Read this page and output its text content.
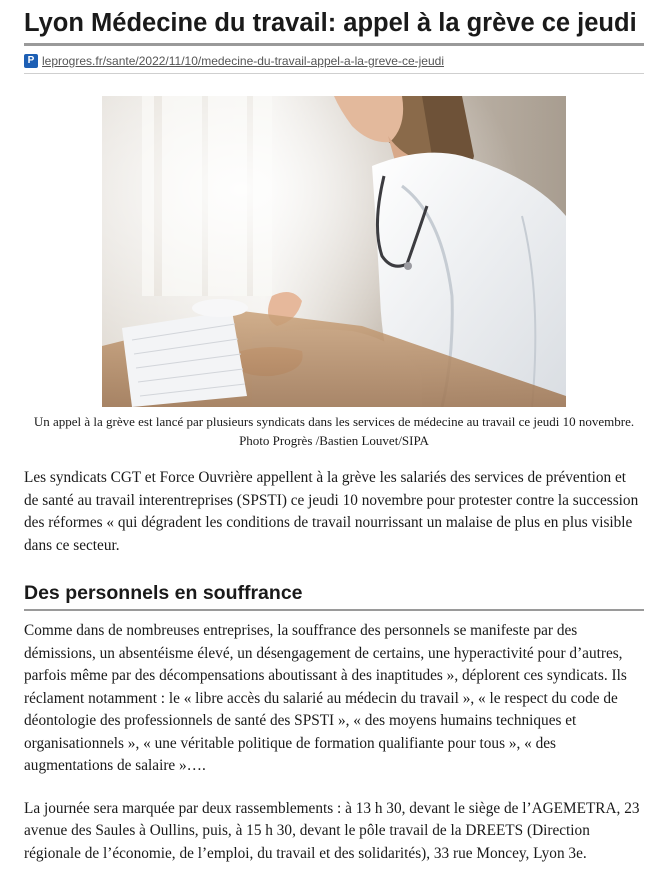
Lyon Médecine du travail: appel à la grève ce jeudi
P leprogres.fr/sante/2022/11/10/medecine-du-travail-appel-a-la-greve-ce-jeudi
Un appel à la grève est lancé par plusieurs syndicats dans les services de médecine au travail ce jeudi 10 novembre. Photo Progrès /Bastien Louvet/SIPA

Les syndicats CGT et Force Ouvrière appellent à la grève les salariés des services de prévention et de santé au travail interentreprises (SPSTI) ce jeudi 10 novembre pour protester contre la succession des réformes « qui dégradent les conditions de travail nourrissant un malaise de plus en plus visible dans ce secteur.

Des personnels en souffrance

Comme dans de nombreuses entreprises, la souffrance des personnels se manifeste par des démissions, un absentéisme élevé, un désengagement de certains, une hyperactivité pour d’autres, parfois même par des décompensations aboutissant à des inaptitudes », déplorent ces syndicats. Ils réclament notamment : le « libre accès du salarié au médecin du travail », « le respect du code de déontologie des professionnels de santé des SPSTI », « des moyens humains techniques et organisationnels », « une véritable politique de formation qualifiante pour tous », « des augmentations de salaire »….

La journée sera marquée par deux rassemblements : à 13 h 30, devant le siège de l’AGEMETRA, 23 avenue des Saules à Oullins, puis, à 15 h 30, devant le pôle travail de la DREETS (Direction régionale de l’économie, de l’emploi, du travail et des solidarités), 33 rue Moncey, Lyon 3e.
